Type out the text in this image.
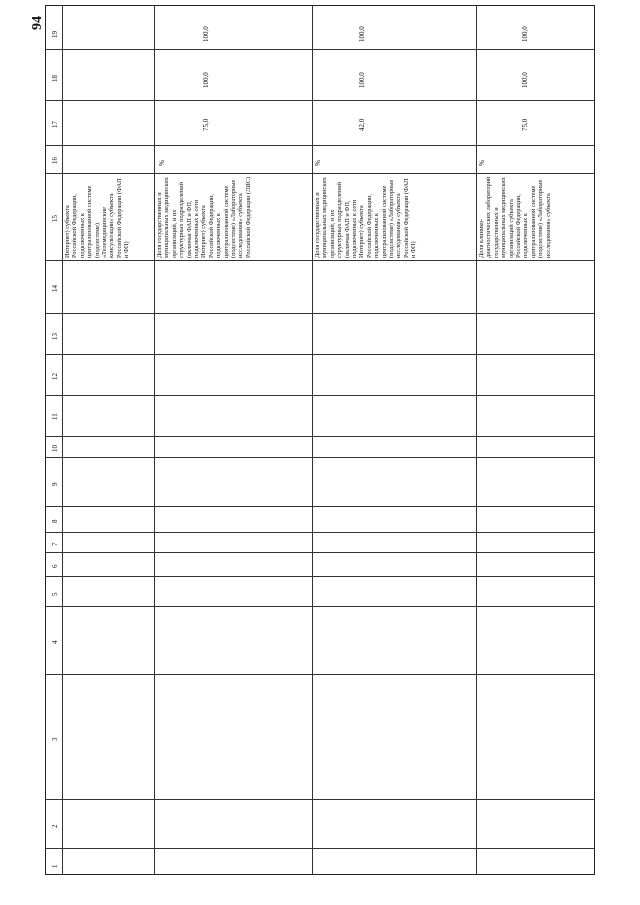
94
19
18
17
16
15
14
13
12
11
10
9
8
7
6
5
4
3
2
1
Интернет) субъекта Российской Федерации, подключенных к централизованной системе (подсистеме) «Телемедицинские консультации» субъекта Российской Федерации (ФАП и ФП)	Доля государственных и муниципальных медицинских организаций, и их структурных подразделений (включая ФАП и ФП, подключенных к сети Интернет) субъекта Российской Федерации, подключенных к централизованной системе (подсистеме) «Лабораторные исследования» субъекта Российской Федерации (ЛИС)
%
75,0
100,0
100,0
Доля государственных и муниципальных медицинских организаций, и их структурных подразделений (включая ФАП и ФП, подключенных к сети Интернет) субъекта Российской Федерации, подключенных к централизованной системе (подсистеме) «Лабораторные исследования» субъекта Российской Федерации (ФАП и ФП)
%
42,0
100,0
100,0
Доля клинико-диагностических лабораторий государственных и муниципальных медицинских организаций субъекта Российской Федерации, подключенных к централизованной системе (подсистеме) «Лабораторные исследования» субъекта
%
75,0
100,0
100,0
